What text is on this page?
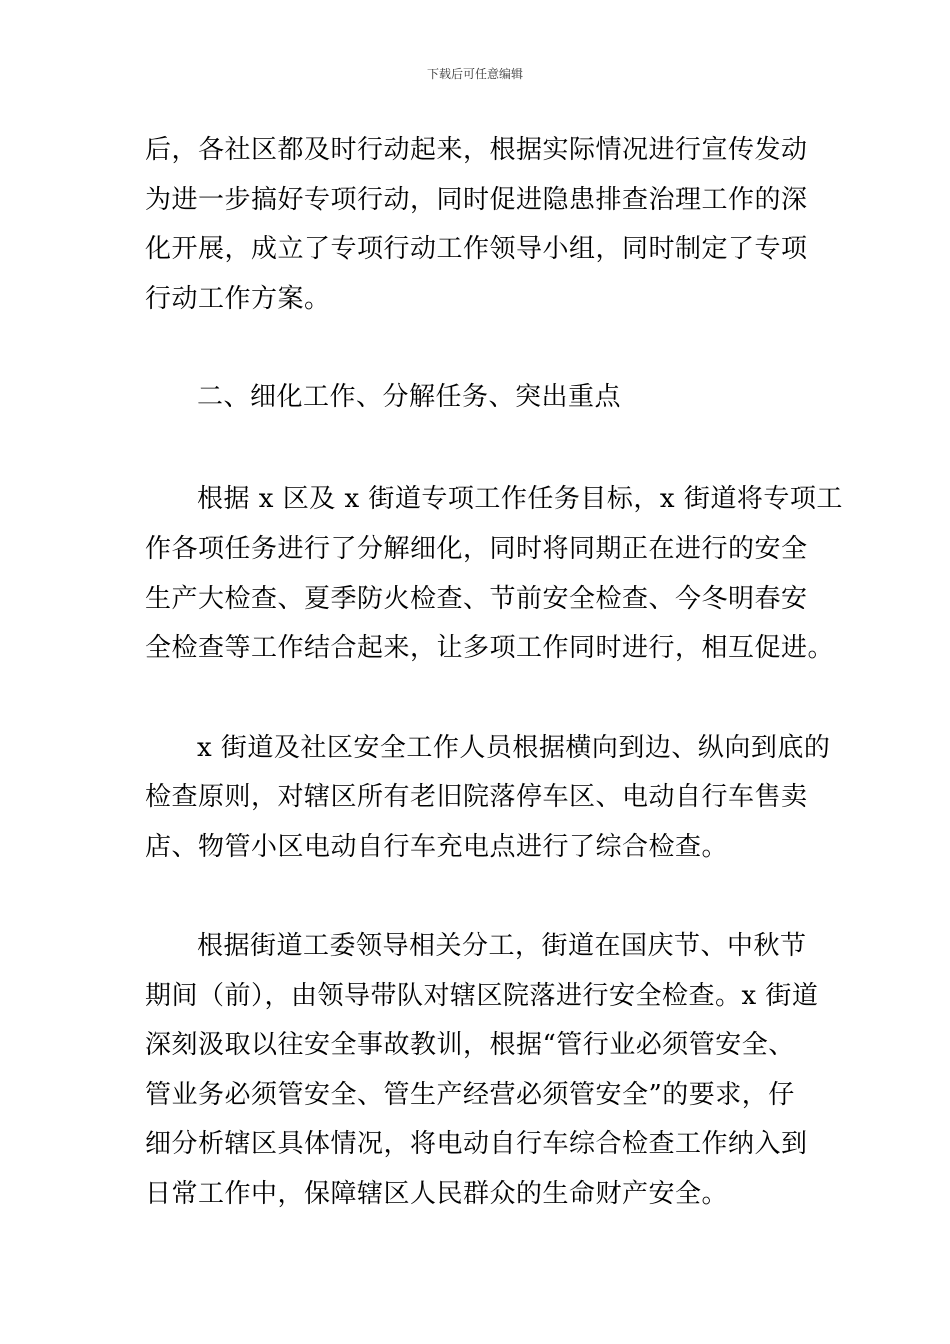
下载后可任意编辑
后，各社区都及时行动起来，根据实际情况进行宣传发动
为进一步搞好专项行动，同时促进隐患排查治理工作的深
化开展，成立了专项行动工作领导小组，同时制定了专项
行动工作方案。
二、细化工作、分解任务、突出重点
根据 x 区及 x 街道专项工作任务目标，x 街道将专项工
作各项任务进行了分解细化，同时将同期正在进行的安全
生产大检查、夏季防火检查、节前安全检查、今冬明春安
全检查等工作结合起来，让多项工作同时进行，相互促进。
x 街道及社区安全工作人员根据横向到边、纵向到底的
检查原则，对辖区所有老旧院落停车区、电动自行车售卖
店、物管小区电动自行车充电点进行了综合检查。
根据街道工委领导相关分工，街道在国庆节、中秋节
期间（前），由领导带队对辖区院落进行安全检查。x 街道
深刻汲取以往安全事故教训，根据“管行业必须管安全、
管业务必须管安全、管生产经营必须管安全”的要求，仔
细分析辖区具体情况，将电动自行车综合检查工作纳入到
日常工作中，保障辖区人民群众的生命财产安全。
